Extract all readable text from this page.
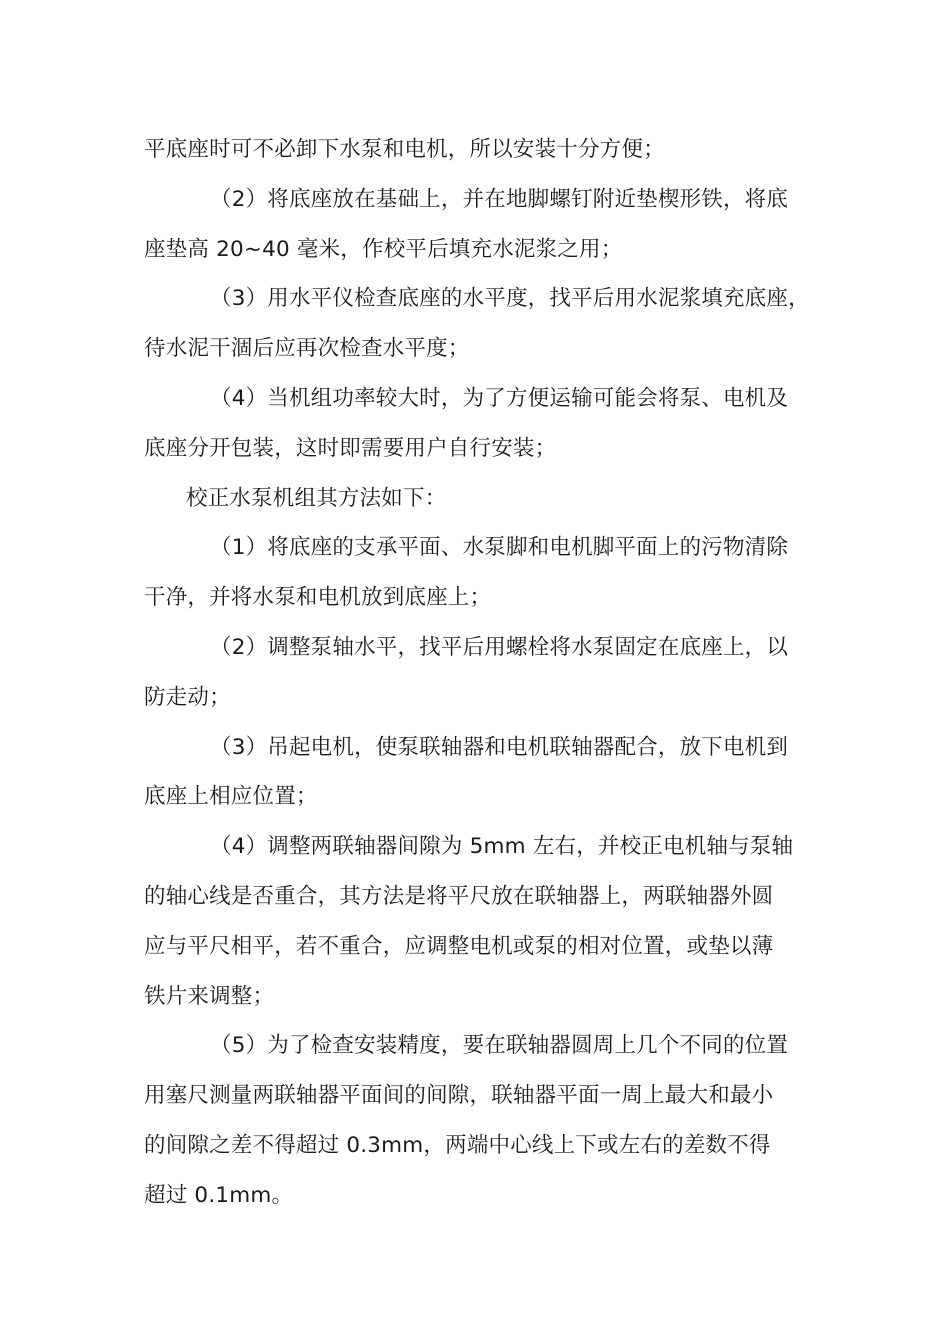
平底座时可不必卸下水泵和电机，所以安装十分方便；
（2）将底座放在基础上，并在地脚螺钉附近垫楔形铁，将底
座垫高 20~40 毫米，作校平后填充水泥浆之用；
（3）用水平仪检查底座的水平度，找平后用水泥浆填充底座，
待水泥干涸后应再次检查水平度；
（4）当机组功率较大时，为了方便运输可能会将泵、电机及
底座分开包装，这时即需要用户自行安装；
校正水泵机组其方法如下：
（1）将底座的支承平面、水泵脚和电机脚平面上的污物清除
干净，并将水泵和电机放到底座上；
（2）调整泵轴水平，找平后用螺栓将水泵固定在底座上，以
防走动；
（3）吊起电机，使泵联轴器和电机联轴器配合，放下电机到
底座上相应位置；
（4）调整两联轴器间隙为 5mm 左右，并校正电机轴与泵轴
的轴心线是否重合，其方法是将平尺放在联轴器上，两联轴器外圆
应与平尺相平，若不重合，应调整电机或泵的相对位置，或垫以薄
铁片来调整；
（5）为了检查安装精度，要在联轴器圆周上几个不同的位置
用塞尺测量两联轴器平面间的间隙，联轴器平面一周上最大和最小
的间隙之差不得超过 0.3mm，两端中心线上下或左右的差数不得
超过 0.1mm。
